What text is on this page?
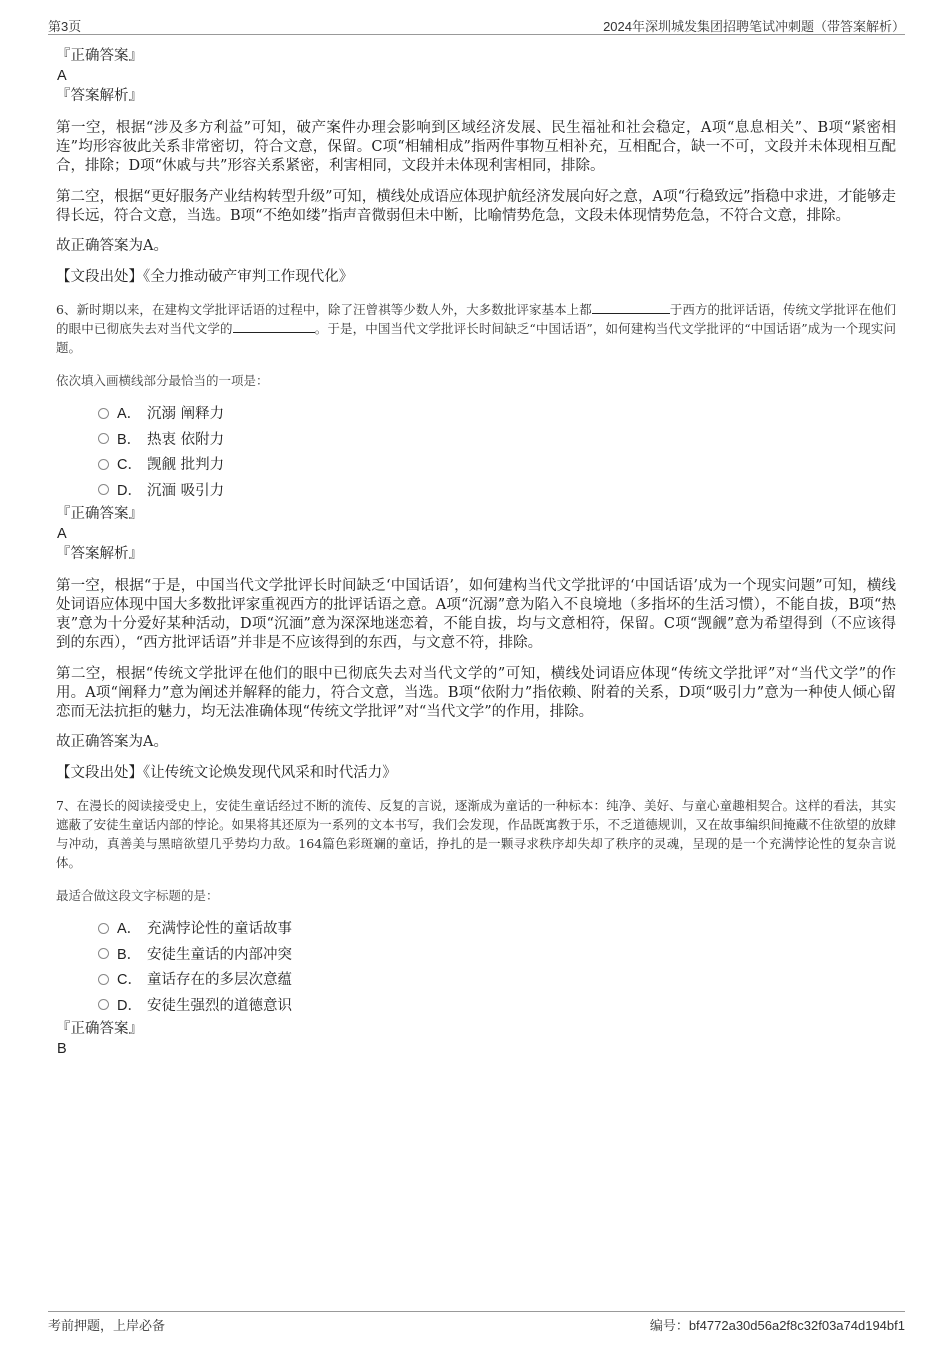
第3页	2024年深圳城发集团招聘笔试冲刺题（带答案解析）

『正确答案』

A

『答案解析』

第一空，根据“涉及多方利益”可知，破产案件办理会影响到区域经济发展、民生福祉和社会稳定，A项“息息相关”、B项“紧密相连”均形容彼此关系非常密切，符合文意，保留。C项“相辅相成”指两件事物互相补充，互相配合，缺一不可，文段并未体现相互配合，排除；D项“休戚与共”形容关系紧密，利害相同，文段并未体现利害相同，排除。

第二空，根据“更好服务产业结构转型升级”可知，横线处成语应体现护航经济发展向好之意，A项“行稳致远”指稳中求进，才能够走得长远，符合文意，当选。B项“不绝如缕”指声音微弱但未中断，比喻情势危急，文段未体现情势危急，不符合文意，排除。

故正确答案为A。

【文段出处】《全力推动破产审判工作现代化》

6、新时期以来，在建构文学批评话语的过程中，除了汪曾祺等少数人外，大多数批评家基本上都	于西方的批评话语，传统文学批评在他们的眼中已彻底失去对当代文学的	。于是，中国当代文学批评长时间缺乏“中国话语”，如何建构当代文学批评的“中国话语”成为一个现实问题。

依次填入画横线部分最恰当的一项是：

A． 沉溺 阐释力
B． 热衷 依附力
C． 觊觎 批判力
D． 沉湎 吸引力

『正确答案』

A

『答案解析』

第一空，根据“于是，中国当代文学批评长时间缺乏‘中国话语’，如何建构当代文学批评的‘中国话语’成为一个现实问题”可知，横线处词语应体现中国大多数批评家重视西方的批评话语之意。A项“沉溺”意为陷入不良境地（多指坏的生活习惯），不能自拔，B项“热衷”意为十分爱好某种活动，D项“沉湎”意为深深地迷恋着，不能自拔，均与文意相符，保留。C项“觊觎”意为希望得到（不应该得到的东西），“西方批评话语”并非是不应该得到的东西，与文意不符，排除。

第二空，根据“传统文学批评在他们的眼中已彻底失去对当代文学的”可知，横线处词语应体现“传统文学批评”对“当代文学”的作用。A项“阐释力”意为阐述并解释的能力，符合文意，当选。B项“依附力”指依赖、附着的关系，D项“吸引力”意为一种使人倾心留恋而无法抗拒的魅力，均无法准确体现“传统文学批评”对“当代文学”的作用，排除。

故正确答案为A。

【文段出处】《让传统文论焕发现代风采和时代活力》

7、在漫长的阅读接受史上，安徒生童话经过不断的流传、反复的言说，逐渐成为童话的一种标本：纯净、美好、与童心童趣相契合。这样的看法，其实遮蔽了安徒生童话内部的悖论。如果将其还原为一系列的文本书写，我们会发现，作品既寓教于乐，不乏道德规训，又在故事编织间掩藏不住欲望的放肆与冲动，真善美与黑暗欲望几乎势均力敌。164篇色彩斑斓的童话，挣扎的是一颗寻求秩序却失却了秩序的灵魂，呈现的是一个充满悖论性的复杂言说体。

最适合做这段文字标题的是：

A． 充满悖论性的童话故事
B． 安徒生童话的内部冲突
C． 童话存在的多层次意蕴
D． 安徒生强烈的道德意识

『正确答案』

B

考前押题，上岸必备	编号：bf4772a30d56a2f8c32f03a74d194bf1
